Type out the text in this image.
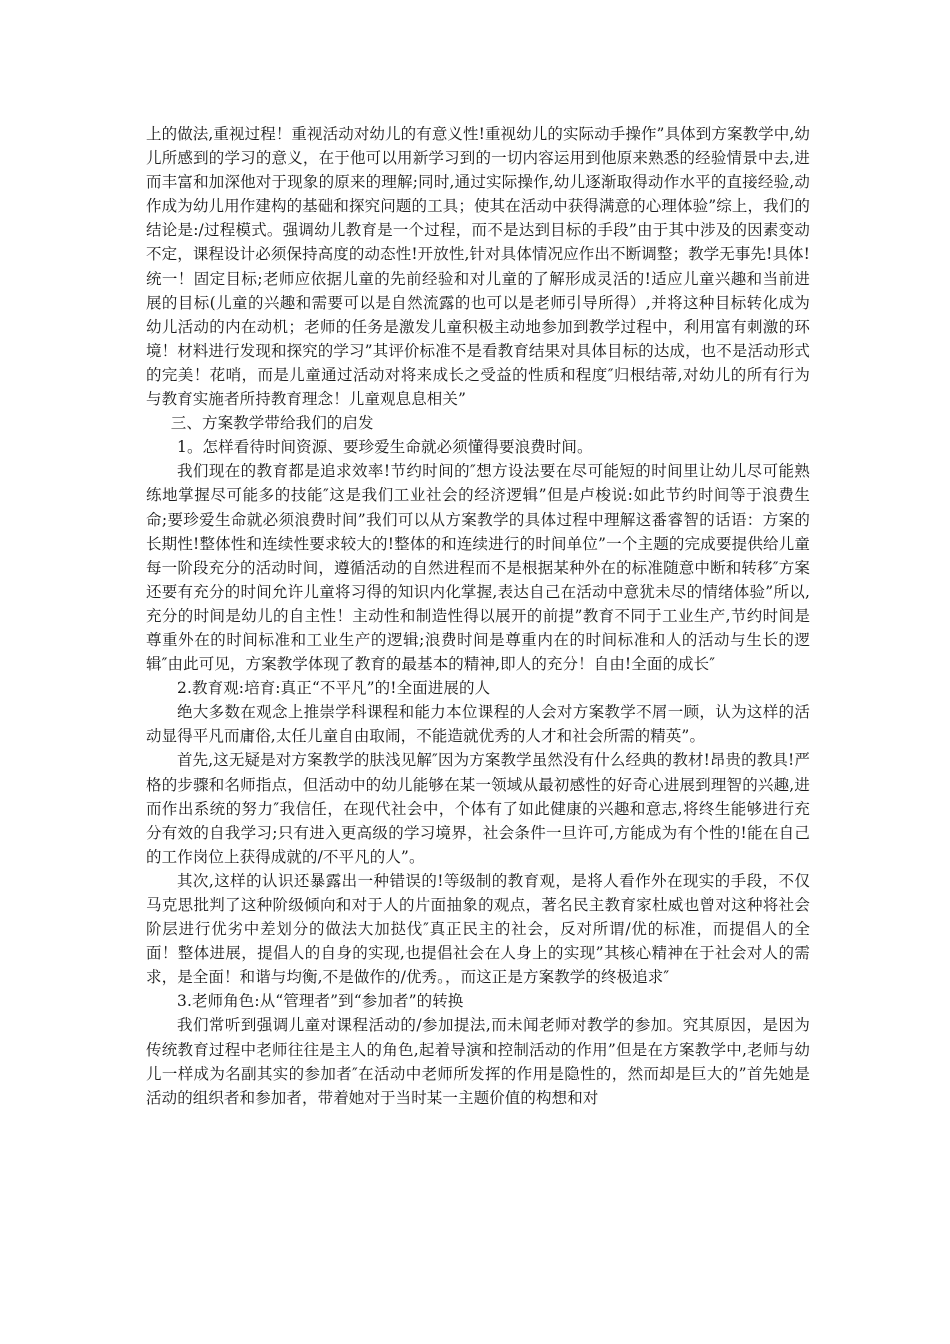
上的做法,重视过程！重视活动对幼儿的有意义性!重视幼儿的实际动手操作”具体到方案教学中,幼儿所感到的学习的意义，在于他可以用新学习到的一切内容运用到他原来熟悉的经验情景中去,进而丰富和加深他对于现象的原来的理解;同时,通过实际操作,幼儿逐渐取得动作水平的直接经验,动作成为幼儿用作建构的基础和探究问题的工具；使其在活动中获得满意的心理体验”综上，我们的结论是:/过程模式。强调幼儿教育是一个过程，而不是达到目标的手段”由于其中涉及的因素变动不定，课程设计必须保持高度的动态性!开放性,针对具体情况应作出不断调整；教学无事先!具体!统一！固定目标;老师应依据儿童的先前经验和对儿童的了解形成灵活的!适应儿童兴趣和当前进展的目标(儿童的兴趣和需要可以是自然流露的也可以是老师引导所得）,并将这种目标转化成为幼儿活动的内在动机；老师的任务是激发儿童积极主动地参加到教学过程中，利用富有刺激的环境！材料进行发现和探究的学习”其评价标准不是看教育结果对具体目标的达成，也不是活动形式的完美！花哨，而是儿童通过活动对将来成长之受益的性质和程度″归根结蒂,对幼儿的所有行为与教育实施者所持教育理念！儿童观息息相关”

三、方案教学带给我们的启发

1。怎样看待时间资源、要珍爱生命就必须懂得要浪费时间。

我们现在的教育都是追求效率!节约时间的″想方设法要在尽可能短的时间里让幼儿尽可能熟练地掌握尽可能多的技能″这是我们工业社会的经济逻辑”但是卢梭说:如此节约时间等于浪费生命;要珍爱生命就必须浪费时间”我们可以从方案教学的具体过程中理解这番睿智的话语：方案的长期性!整体性和连续性要求较大的!整体的和连续进行的时间单位”一个主题的完成要提供给儿童每一阶段充分的活动时间，遵循活动的自然进程而不是根据某种外在的标准随意中断和转移″方案还要有充分的时间允许儿童将习得的知识内化掌握,表达自己在活动中意犹未尽的情绪体验”所以,充分的时间是幼儿的自主性！主动性和制造性得以展开的前提”教育不同于工业生产,节约时间是尊重外在的时间标准和工业生产的逻辑;浪费时间是尊重内在的时间标准和人的活动与生长的逻辑″由此可见，方案教学体现了教育的最基本的精神,即人的充分！自由!全面的成长″

2.教育观:培育:真正“不平凡”的!全面进展的人

绝大多数在观念上推崇学科课程和能力本位课程的人会对方案教学不屑一顾，认为这样的活动显得平凡而庸俗,太任儿童自由取闹，不能造就优秀的人才和社会所需的精英”。

首先,这无疑是对方案教学的肤浅见解″因为方案教学虽然没有什么经典的教材!昂贵的教具!严格的步骤和名师指点，但活动中的幼儿能够在某一领域从最初感性的好奇心进展到理智的兴趣,进而作出系统的努力″我信任，在现代社会中，个体有了如此健康的兴趣和意志,将终生能够进行充分有效的自我学习;只有进入更高级的学习境界，社会条件一旦许可,方能成为有个性的!能在自己的工作岗位上获得成就的/不平凡的人”。

其次,这样的认识还暴露出一种错误的!等级制的教育观，是将人看作外在现实的手段，不仅马克思批判了这种阶级倾向和对于人的片面抽象的观点，著名民主教育家杜威也曾对这种将社会阶层进行优劣中差划分的做法大加挞伐″真正民主的社会，反对所谓/优的标准，而提倡人的全面！整体进展，提倡人的自身的实现,也提倡社会在人身上的实现”其核心精神在于社会对人的需求，是全面！和谐与均衡,不是做作的/优秀。，而这正是方案教学的终极追求″

3.老师角色:从“管理者”到“参加者”的转换

我们常听到强调儿童对课程活动的/参加提法,而未闻老师对教学的参加。究其原因，是因为传统教育过程中老师往往是主人的角色,起着导演和控制活动的作用”但是在方案教学中,老师与幼儿一样成为名副其实的参加者″在活动中老师所发挥的作用是隐性的，然而却是巨大的”首先她是活动的组织者和参加者，带着她对于当时某一主题价值的构想和对
